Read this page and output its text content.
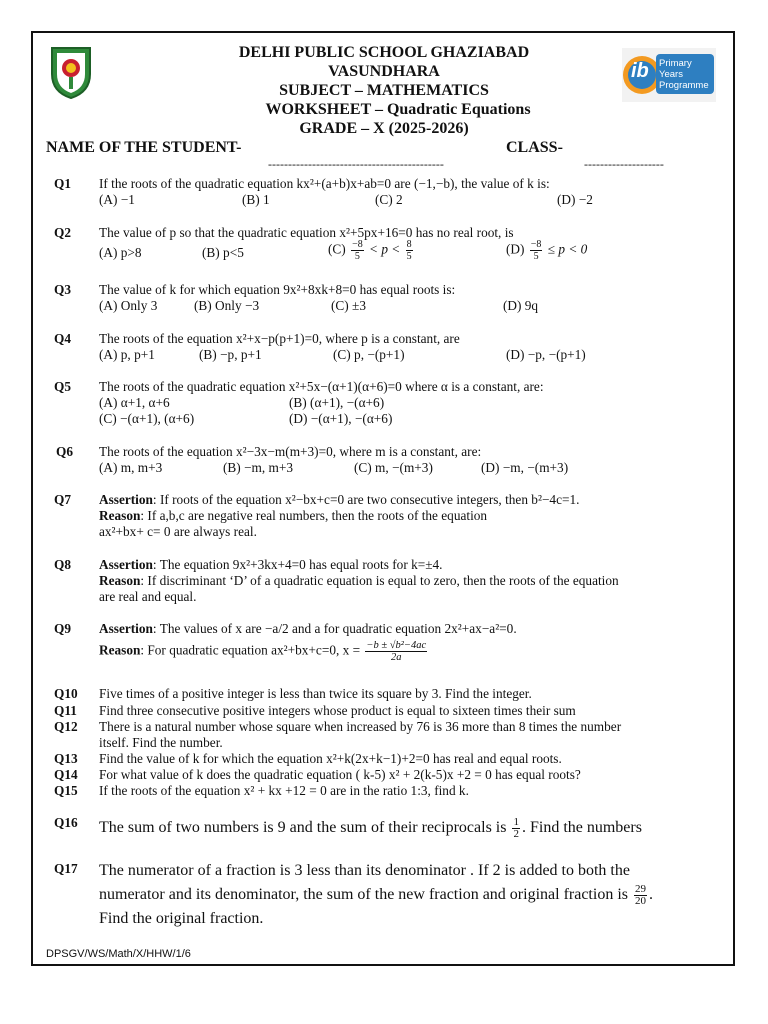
ib Primary Years Programme
DELHI PUBLIC SCHOOL GHAZIABAD
VASUNDHARA
SUBJECT – MATHEMATICS
WORKSHEET – Quadratic Equations
GRADE – X (2025-2026)
NAME OF THE STUDENT-	CLASS-
--------------------------------------------	--------------------
Q1 If the roots of the quadratic equation kx²+(a+b)x+ab=0 are (−1,−b), the value of k is:
(A) −1	(B) 1	(C) 2	(D) −2
Q2 The value of p so that the quadratic equation x²+5px+16=0 has no real root, is
(A) p>8	(B) p<5	$(C) \frac{-8}{5} < p < \frac{8}{5}$	$(D) \frac{-8}{5} \le p < 0$
Q3 The value of k for which equation 9x²+8xk+8=0 has equal roots is:
(A) Only 3	(B) Only −3	(C) ±3	(D) 9q
Q4 The roots of the equation x²+x−p(p+1)=0, where p is a constant, are
(A) p, p+1	(B) −p, p+1	(C) p, −(p+1)	(D) −p, −(p+1)
Q5 The roots of the quadratic equation x²+5x−(α+1)(α+6)=0 where α is a constant, are:
(A) α+1, α+6	(B) (α+1), −(α+6)
(C) −(α+1), (α+6)	(D) −(α+1), −(α+6)
Q6 The roots of the equation x²−3x−m(m+3)=0, where m is a constant, are:
(A) m, m+3	(B) −m, m+3	(C) m, −(m+3)	(D) −m, −(m+3)
Q7 Assertion: If roots of the equation x²−bx+c=0 are two consecutive integers, then b²−4c=1.
Reason: If a,b,c are negative real numbers, then the roots of the equation
ax²+bx+ c= 0 are always real.
Q8 Assertion: The equation 9x²+3kx+4=0 has equal roots for k=±4.
Reason: If discriminant ‘D’ of a quadratic equation is equal to zero, then the roots of the equation
are real and equal.
Q9 Assertion: The values of x are −a/2 and a for quadratic equation 2x²+ax−a²=0.
Reason: For quadratic equation ax²+bx+c=0, $x = \frac{\text{−b ± √b²−4ac}}{2a}$
Q10 Five times of a positive integer is less than twice its square by 3. Find the integer.
Q11 Find three consecutive positive integers whose product is equal to sixteen times their sum
Q12 There is a natural number whose square when increased by 76 is 36 more than 8 times the number
itself. Find the number.
Q13 Find the value of k for which the equation x²+k(2x+k−1)+2=0 has real and equal roots.
Q14 For what value of k does the quadratic equation ( k-5) x² + 2(k-5)x +2 = 0 has equal roots?
Q15 If the roots of the equation x² + kx +12 = 0 are in the ratio 1:3, find k.
Q16 The sum of two numbers is 9 and the sum of their reciprocals is $\frac{1}{2}$ . Find the numbers
Q17 The numerator of a fraction is 3 less than its denominator . If 2 is added to both the
numerator and its denominator, the sum of the new fraction and original fraction is $\frac{29}{20}$ .
Find the original fraction.
DPSGV/WS/Math/X/HHW/1/6
